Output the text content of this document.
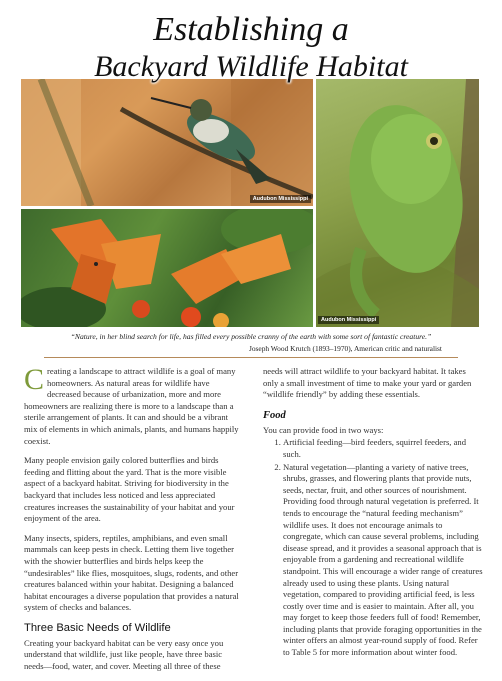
Establishing a
Backyard Wildlife Habitat
Audubon Mississippi
Audubon Mississippi
“Nature, in her blind search for life, has filled every possible cranny of the earth with some sort of fantastic creature.”
Joseph Wood Krutch (1893–1970), American critic and naturalist

Creating a landscape to attract wildlife is a goal of many homeowners. As natural areas for wildlife have decreased because of urbanization, more and more homeowners are realizing there is more to a landscape than a sterile arrangement of plants. It can and should be a vibrant mix of elements in which animals, plants, and humans happily coexist.

Many people envision gaily colored butterflies and birds feeding and flitting about the yard. That is the more visible aspect of a backyard habitat. Striving for biodiversity in the backyard that includes less noticed and less appreciated creatures increases the sustainability of your habitat and your enjoyment of the area.

Many insects, spiders, reptiles, amphibians, and even small mammals can keep pests in check. Letting them live together with the showier butterflies and birds helps keep the “undesirables” like flies, mosquitoes, slugs, rodents, and other creatures balanced within your habitat. Designing a balanced habitat encourages a diverse population that provides a natural system of checks and balances.

Three Basic Needs of Wildlife

Creating your backyard habitat can be very easy once you understand that wildlife, just like people, have three basic needs—food, water, and cover. Meeting all three of these

needs will attract wildlife to your backyard habitat. It takes only a small investment of time to make your yard or garden “wildlife friendly” by adding these essentials.

Food

You can provide food in two ways:

1. Artificial feeding—bird feeders, squirrel feeders, and such.
2. Natural vegetation—planting a variety of native trees, shrubs, grasses, and flowering plants that provide nuts, seeds, nectar, fruit, and other sources of nourishment. Providing food through natural vegetation is preferred. It tends to encourage the “natural feeding mechanism” wildlife uses. It does not encourage animals to congregate, which can cause several problems, including disease spread, and it provides a seasonal approach that is enjoyable from a gardening and recreational wildlife standpoint. This will encourage a wider range of creatures already used to using these plants. Using natural vegetation, compared to providing artificial feed, is less costly over time and is easier to maintain. After all, you may forget to keep those feeders full of food! Remember, including plants that provide foraging opportunities in the winter offers an almost year-round supply of food. Refer to Table 5 for more information about winter food.
